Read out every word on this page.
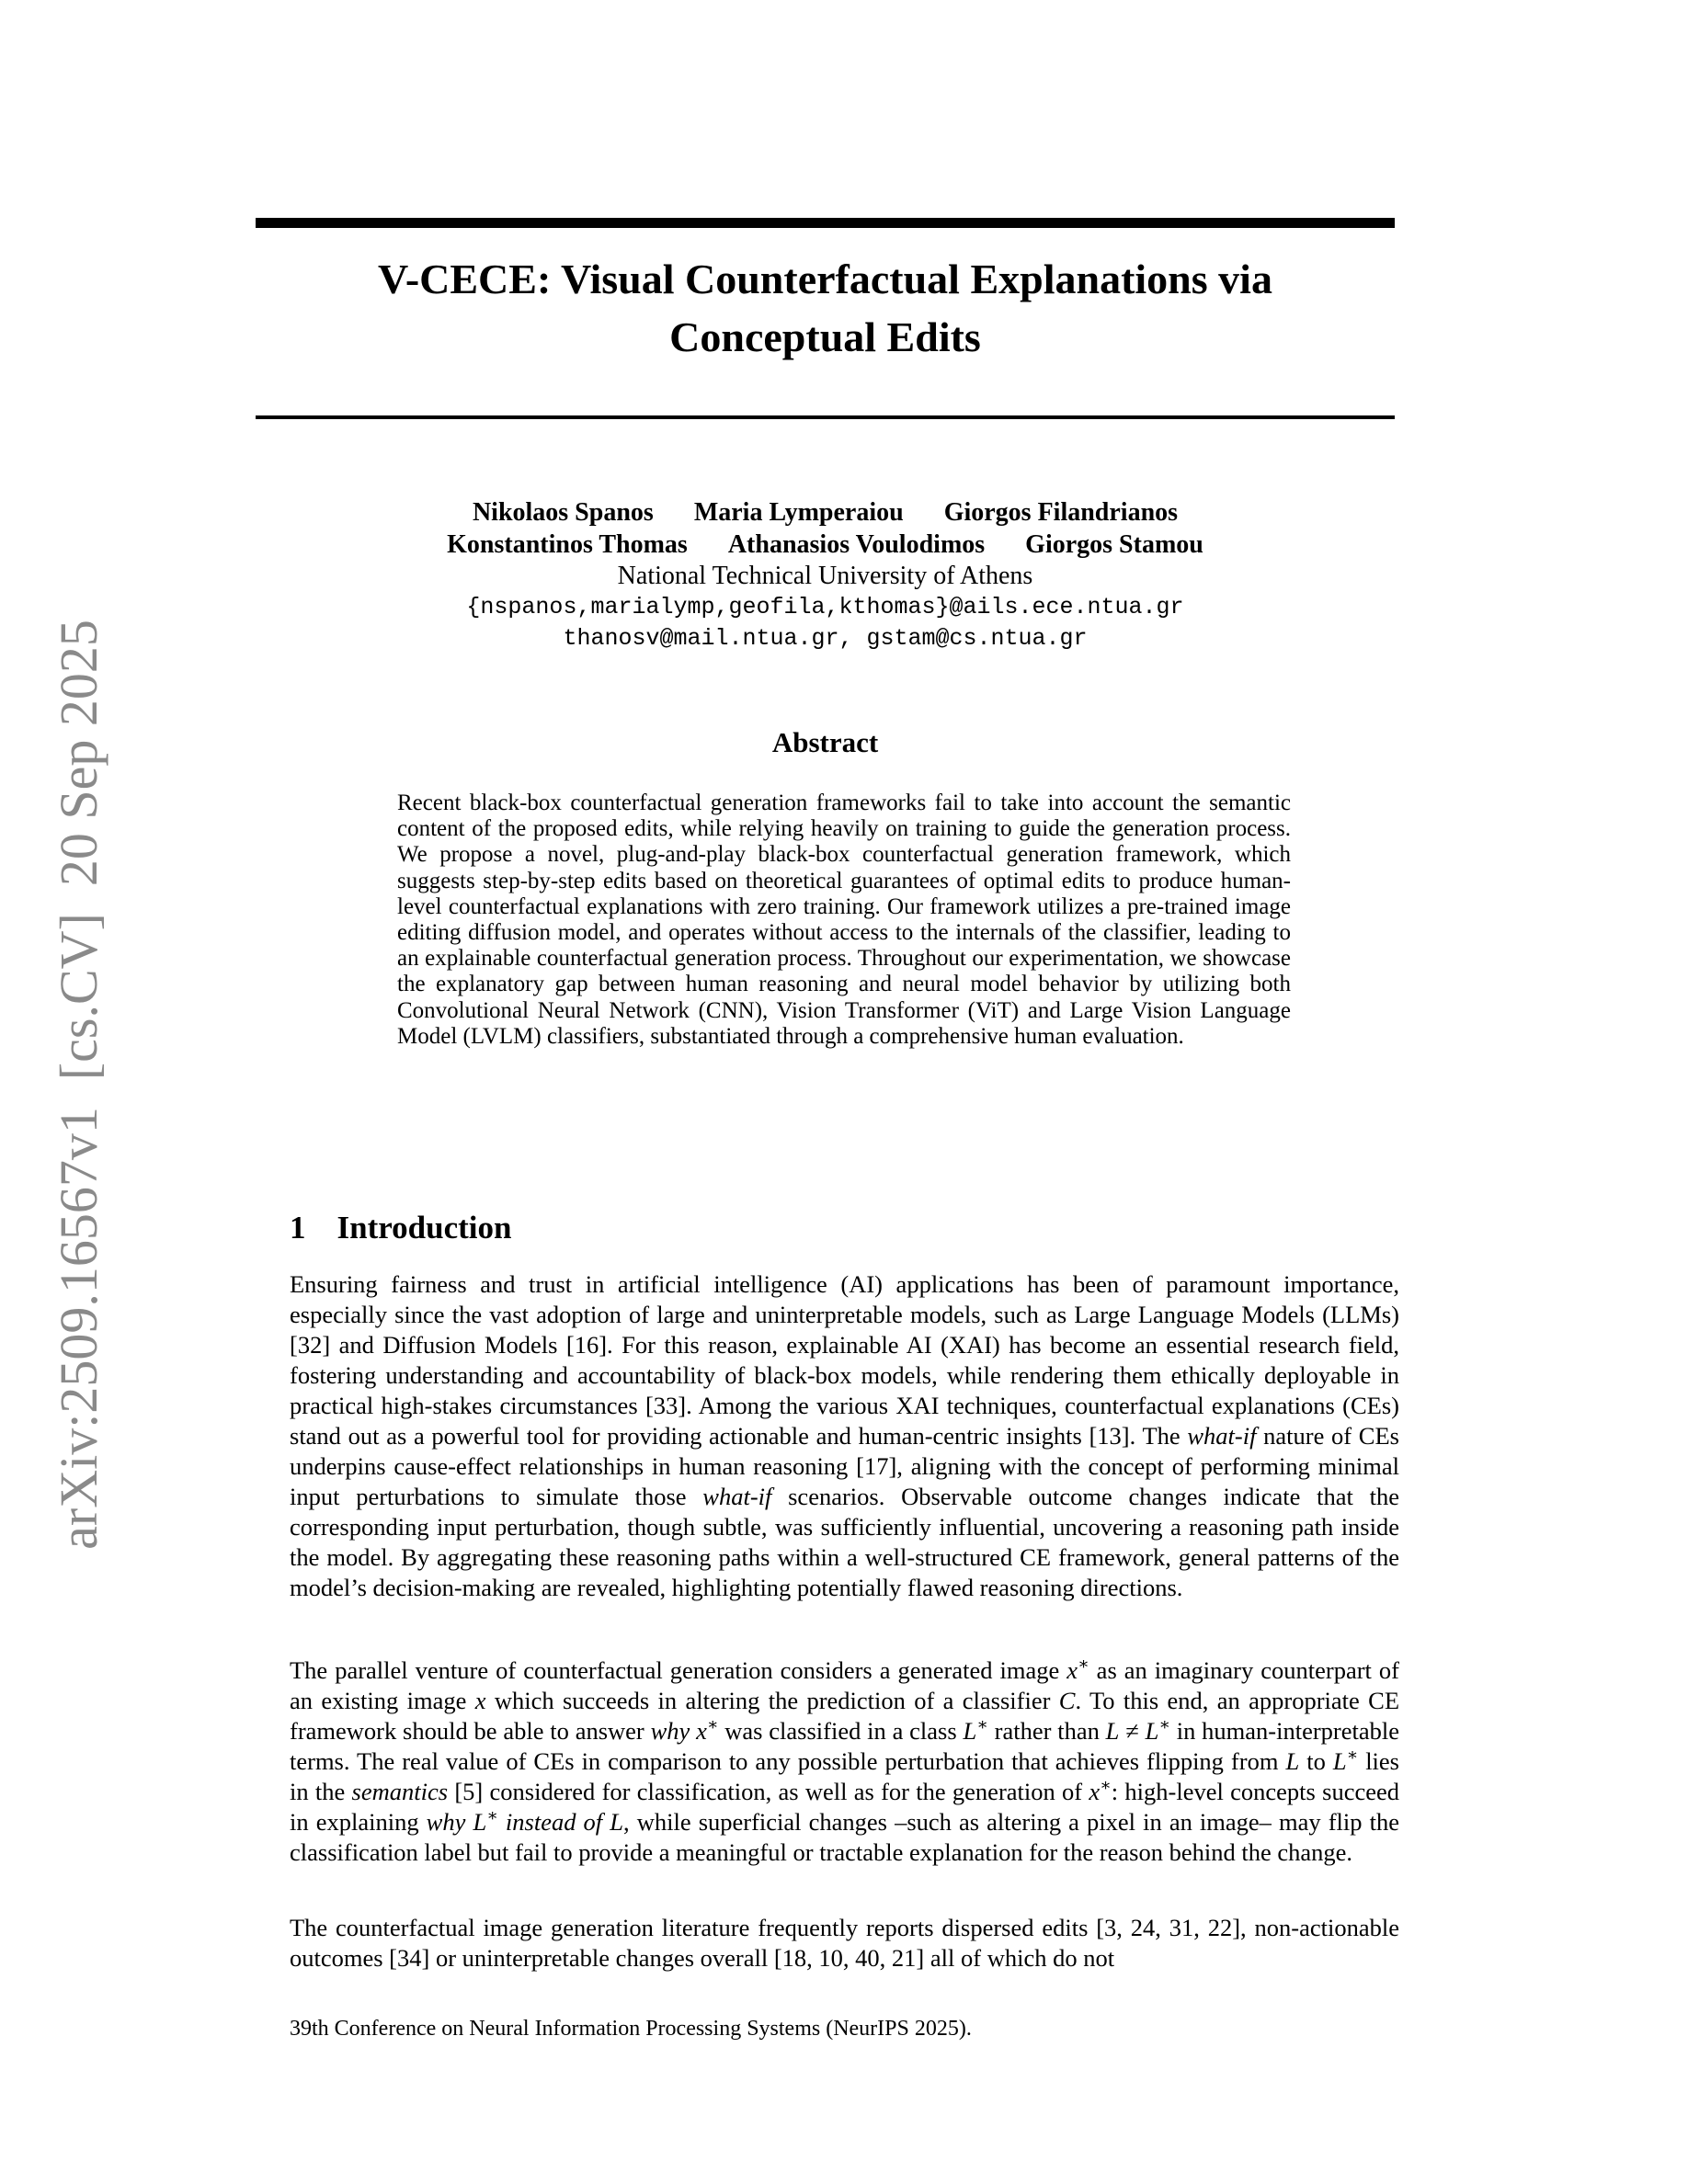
arXiv:2509.16567v1  [cs.CV]  20 Sep 2025
V-CECE: Visual Counterfactual Explanations via
Conceptual Edits
Nikolaos Spanos Maria Lymperaiou Giorgos Filandrianos
Konstantinos Thomas Athanasios Voulodimos Giorgos Stamou
National Technical University of Athens
{nspanos,marialymp,geofila,kthomas}@ails.ece.ntua.gr
thanosv@mail.ntua.gr, gstam@cs.ntua.gr
Abstract

Recent black-box counterfactual generation frameworks fail to take into account the semantic content of the proposed edits, while relying heavily on training to guide the generation process. We propose a novel, plug-and-play black-box counterfactual generation framework, which suggests step-by-step edits based on theoretical guarantees of optimal edits to produce human-level counterfactual explanations with zero training. Our framework utilizes a pre-trained image editing diffusion model, and operates without access to the internals of the classifier, leading to an explainable counterfactual generation process. Throughout our experimentation, we showcase the explanatory gap between human reasoning and neural model behavior by utilizing both Convolutional Neural Network (CNN), Vision Transformer (ViT) and Large Vision Language Model (LVLM) classifiers, substantiated through a comprehensive human evaluation.

1 Introduction

Ensuring fairness and trust in artificial intelligence (AI) applications has been of paramount importance, especially since the vast adoption of large and uninterpretable models, such as Large Language Models (LLMs) [32] and Diffusion Models [16]. For this reason, explainable AI (XAI) has become an essential research field, fostering understanding and accountability of black-box models, while rendering them ethically deployable in practical high-stakes circumstances [33]. Among the various XAI techniques, counterfactual explanations (CEs) stand out as a powerful tool for providing actionable and human-centric insights [13]. The what-if nature of CEs underpins cause-effect relationships in human reasoning [17], aligning with the concept of performing minimal input perturbations to simulate those what-if scenarios. Observable outcome changes indicate that the corresponding input perturbation, though subtle, was sufficiently influential, uncovering a reasoning path inside the model. By aggregating these reasoning paths within a well-structured CE framework, general patterns of the model’s decision-making are revealed, highlighting potentially flawed reasoning directions.

The parallel venture of counterfactual generation considers a generated image x∗ as an imaginary counterpart of an existing image x which succeeds in altering the prediction of a classifier C. To this end, an appropriate CE framework should be able to answer why x∗ was classified in a class L∗ rather than L ≠ L∗ in human-interpretable terms. The real value of CEs in comparison to any possible perturbation that achieves flipping from L to L∗ lies in the semantics [5] considered for classification, as well as for the generation of x∗: high-level concepts succeed in explaining why L∗ instead of L, while superficial changes –such as altering a pixel in an image– may flip the classification label but fail to provide a meaningful or tractable explanation for the reason behind the change.

The counterfactual image generation literature frequently reports dispersed edits [3, 24, 31, 22], non-actionable outcomes [34] or uninterpretable changes overall [18, 10, 40, 21] all of which do not

39th Conference on Neural Information Processing Systems (NeurIPS 2025).
